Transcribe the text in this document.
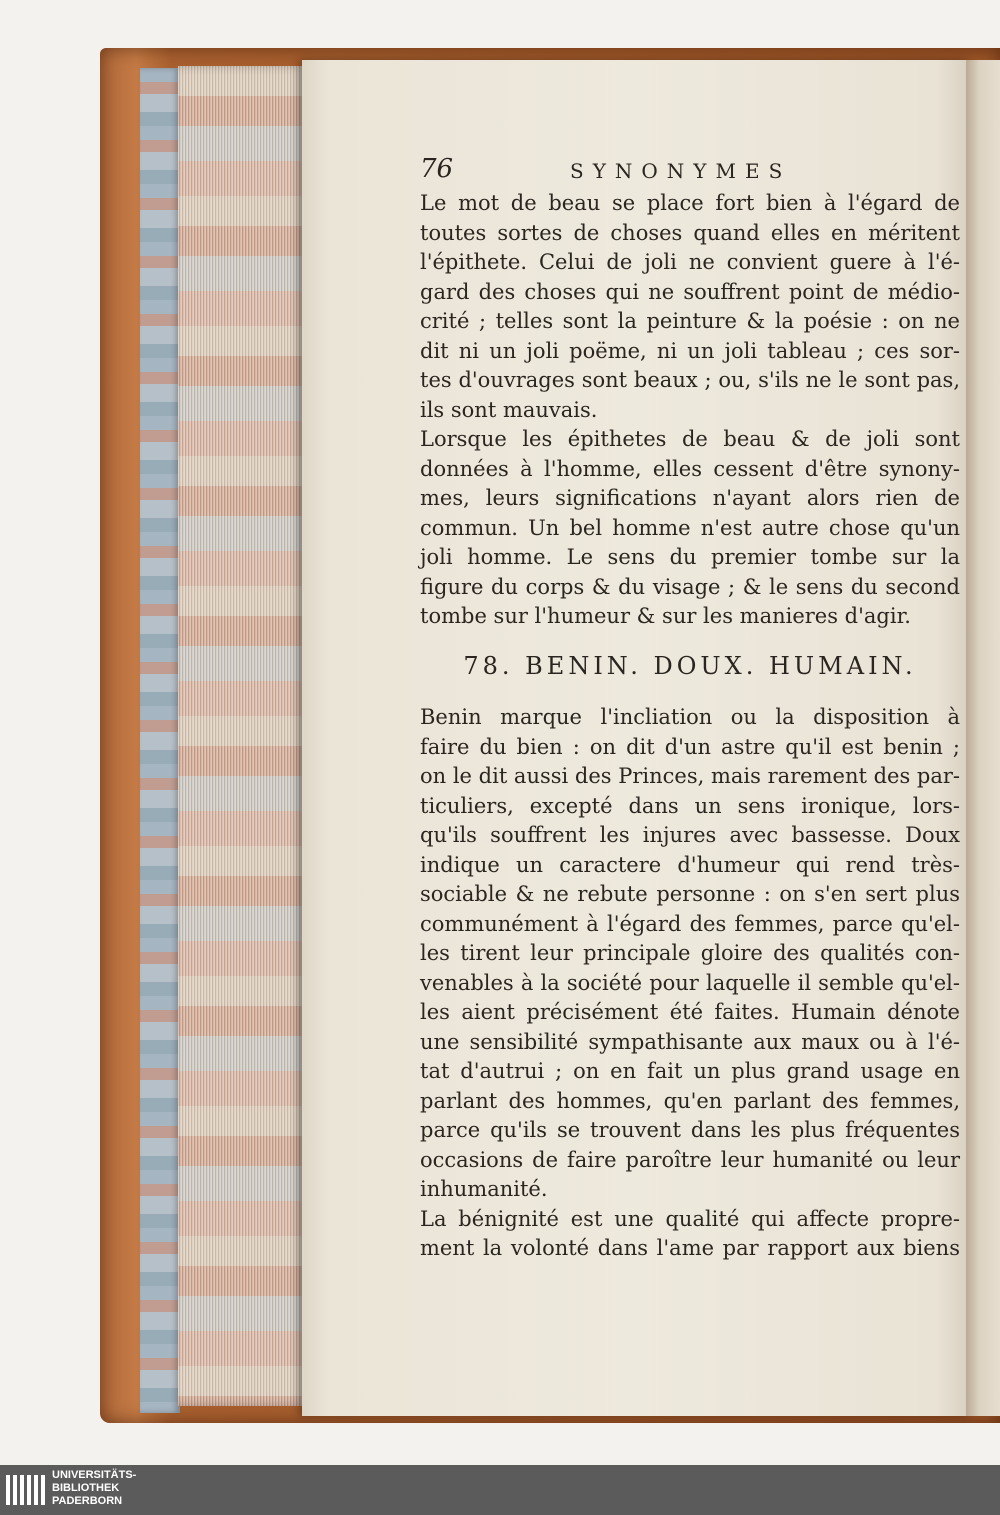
76	SYNONYMES
Le mot de beau se place fort bien à l'égard de
toutes sortes de choses quand elles en méritent
l'épithete. Celui de joli ne convient guere à l'é-
gard des choses qui ne souffrent point de médio-
crité ; telles sont la peinture & la poésie : on ne
dit ni un joli poëme, ni un joli tableau ; ces sor-
tes d'ouvrages sont beaux ; ou, s'ils ne le sont pas,
ils sont mauvais.
Lorsque les épithetes de beau & de joli sont
données à l'homme, elles cessent d'être synony-
mes, leurs significations n'ayant alors rien de
commun. Un bel homme n'est autre chose qu'un
joli homme. Le sens du premier tombe sur la
figure du corps & du visage ; & le sens du second
tombe sur l'humeur & sur les manieres d'agir.
78. BENIN. DOUX. HUMAIN.
Benin marque l'incliation ou la disposition à
faire du bien : on dit d'un astre qu'il est benin ;
on le dit aussi des Princes, mais rarement des par-
ticuliers, excepté dans un sens ironique, lors-
qu'ils souffrent les injures avec bassesse. Doux
indique un caractere d'humeur qui rend très-
sociable & ne rebute personne : on s'en sert plus
communément à l'égard des femmes, parce qu'el-
les tirent leur principale gloire des qualités con-
venables à la société pour laquelle il semble qu'el-
les aient précisément été faites. Humain dénote
une sensibilité sympathisante aux maux ou à l'é-
tat d'autrui ; on en fait un plus grand usage en
parlant des hommes, qu'en parlant des femmes,
parce qu'ils se trouvent dans les plus fréquentes
occasions de faire paroître leur humanité ou leur
inhumanité.
La bénignité est une qualité qui affecte propre-
ment la volonté dans l'ame par rapport aux biens
UNIVERSITÄTS-
BIBLIOTHEK
PADERBORN
